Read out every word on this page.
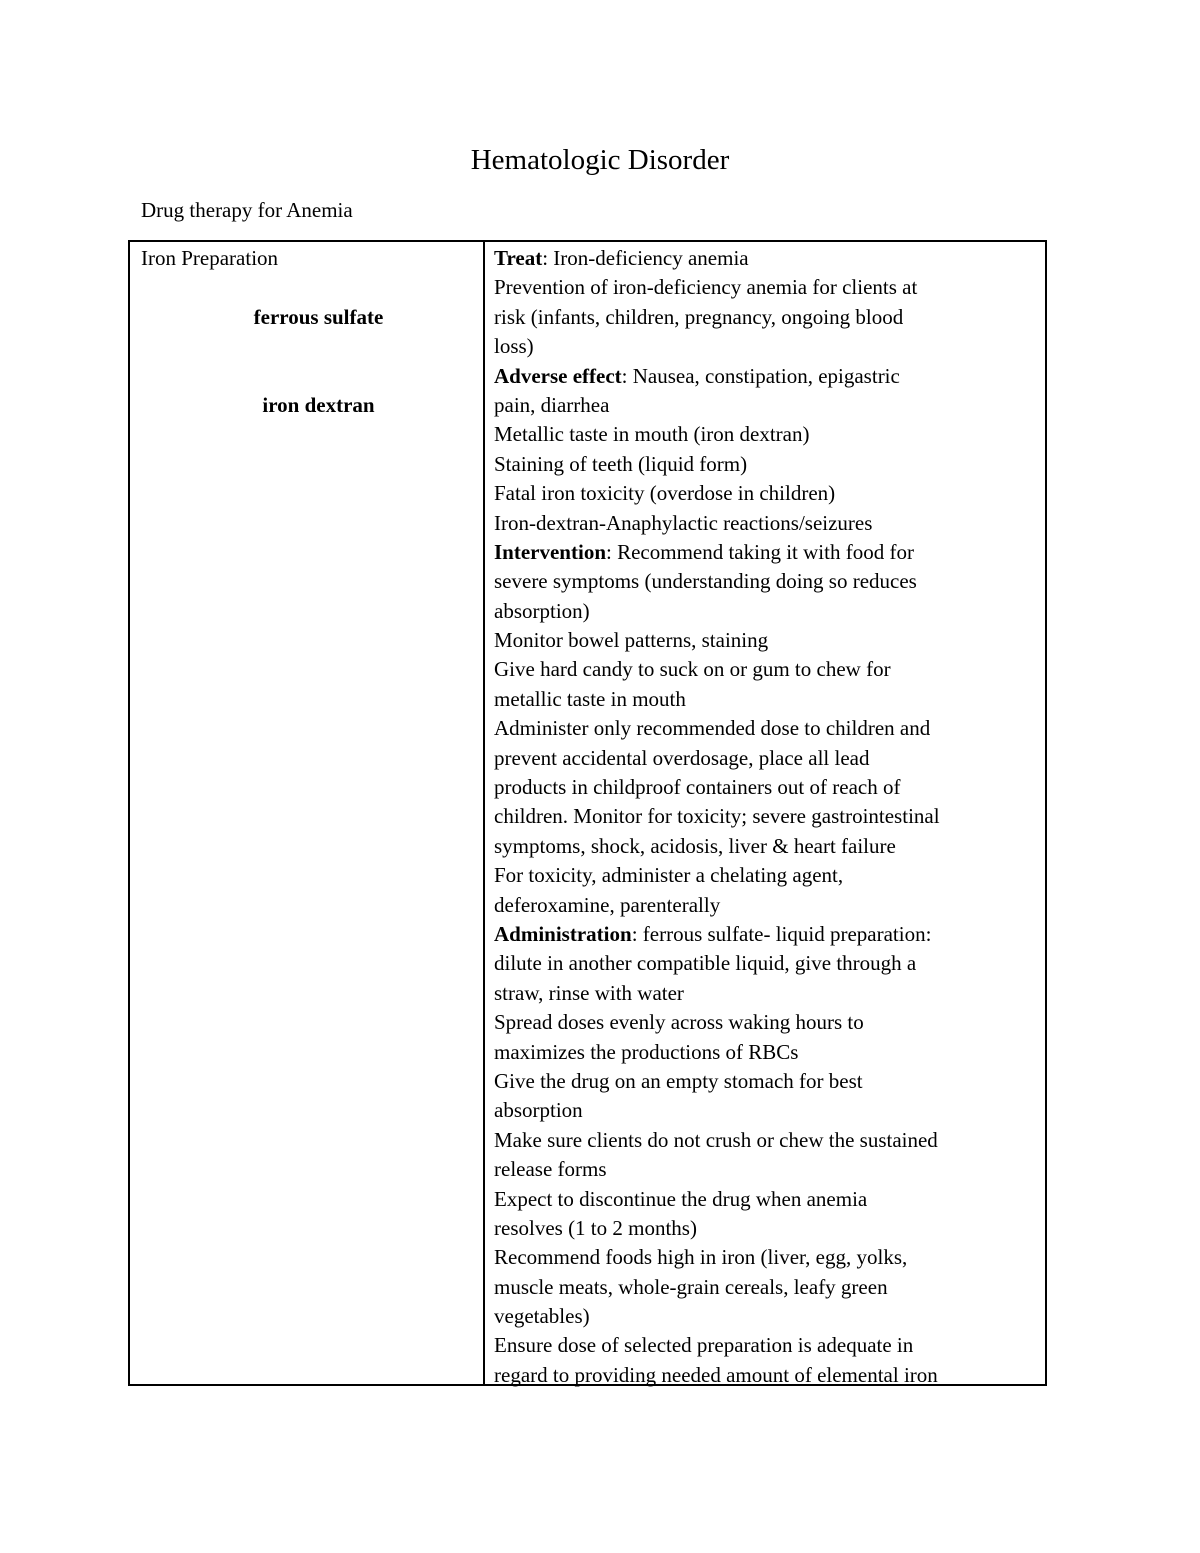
Hematologic Disorder
Drug therapy for Anemia
Iron Preparation
ferrous sulfate
iron dextran
Treat: Iron-deficiency anemia
Prevention of iron-deficiency anemia for clients at
risk (infants, children, pregnancy, ongoing blood
loss)
Adverse effect: Nausea, constipation, epigastric
pain, diarrhea
Metallic taste in mouth (iron dextran)
Staining of teeth (liquid form)
Fatal iron toxicity (overdose in children)
Iron-dextran-Anaphylactic reactions/seizures
Intervention: Recommend taking it with food for
severe symptoms (understanding doing so reduces
absorption)
Monitor bowel patterns, staining
Give hard candy to suck on or gum to chew for
metallic taste in mouth
Administer only recommended dose to children and
prevent accidental overdosage, place all lead
products in childproof containers out of reach of
children. Monitor for toxicity; severe gastrointestinal
symptoms, shock, acidosis, liver & heart failure
For toxicity, administer a chelating agent,
deferoxamine, parenterally
Administration: ferrous sulfate- liquid preparation:
dilute in another compatible liquid, give through a
straw, rinse with water
Spread doses evenly across waking hours to
maximizes the productions of RBCs
Give the drug on an empty stomach for best
absorption
Make sure clients do not crush or chew the sustained
release forms
Expect to discontinue the drug when anemia
resolves (1 to 2 months)
Recommend foods high in iron (liver, egg, yolks,
muscle meats, whole-grain cereals, leafy green
vegetables)
Ensure dose of selected preparation is adequate in
regard to providing needed amount of elemental iron
